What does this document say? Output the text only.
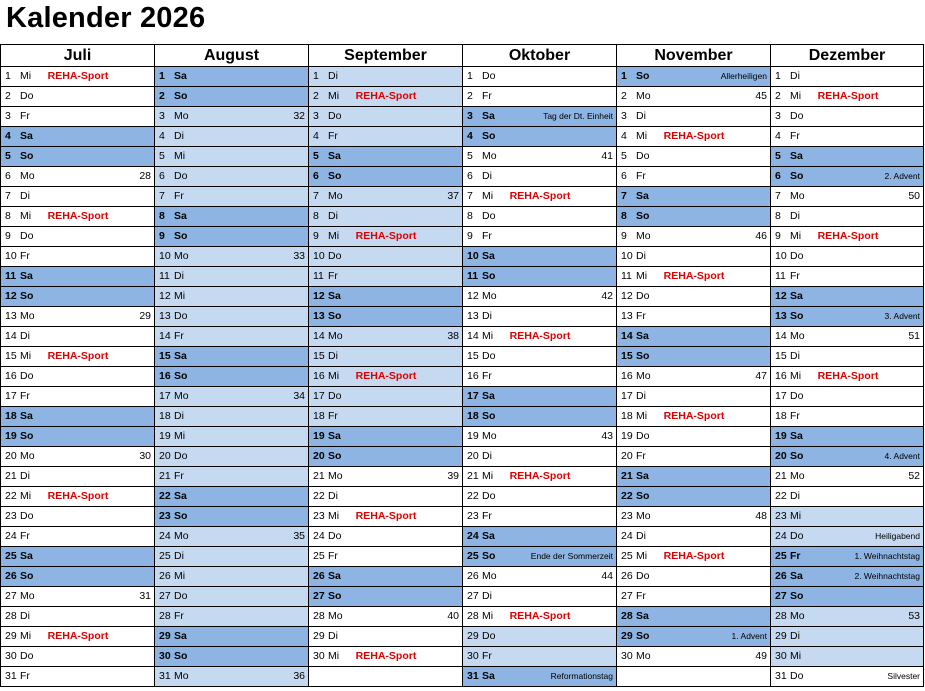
Kalender 2026
Juli
1 Mi	REHA-Sport
2 Do
3 Fr
4 Sa
5 So
6 Mo	28
7 Di
8 Mi	REHA-Sport
9 Do
10 Fr
11 Sa
12 So
13 Mo	29
14 Di
15 Mi	REHA-Sport
16 Do
17 Fr
18 Sa
19 So
20 Mo	30
21 Di
22 Mi	REHA-Sport
23 Do
24 Fr
25 Sa
26 So
27 Mo	31
28 Di
29 Mi	REHA-Sport
30 Do
31 Fr
August
1 Sa
2 So
3 Mo	32
4 Di
5 Mi
6 Do
7 Fr
8 Sa
9 So
10 Mo	33
11 Di
12 Mi
13 Do
14 Fr
15 Sa
16 So
17 Mo	34
18 Di
19 Mi
20 Do
21 Fr
22 Sa
23 So
24 Mo	35
25 Di
26 Mi
27 Do
28 Fr
29 Sa
30 So
31 Mo	36
September
1 Di
2 Mi	REHA-Sport
3 Do
4 Fr
5 Sa
6 So
7 Mo	37
8 Di
9 Mi	REHA-Sport
10 Do
11 Fr
12 Sa
13 So
14 Mo	38
15 Di
16 Mi	REHA-Sport
17 Do
18 Fr
19 Sa
20 So
21 Mo	39
22 Di
23 Mi	REHA-Sport
24 Do
25 Fr
26 Sa
27 So
28 Mo	40
29 Di
30 Mi	REHA-Sport
Oktober
1 Do
2 Fr
3 Sa	Tag der Dt. Einheit
4 So
5 Mo	41
6 Di
7 Mi	REHA-Sport
8 Do
9 Fr
10 Sa
11 So
12 Mo	42
13 Di
14 Mi	REHA-Sport
15 Do
16 Fr
17 Sa
18 So
19 Mo	43
20 Di
21 Mi	REHA-Sport
22 Do
23 Fr
24 Sa
25 So	Ende der Sommerzeit
26 Mo	44
27 Di
28 Mi	REHA-Sport
29 Do
30 Fr
31 Sa	Reformationstag
November
1 So	Allerheiligen
2 Mo	45
3 Di
4 Mi	REHA-Sport
5 Do
6 Fr
7 Sa
8 So
9 Mo	46
10 Di
11 Mi	REHA-Sport
12 Do
13 Fr
14 Sa
15 So
16 Mo	47
17 Di
18 Mi	REHA-Sport
19 Do
20 Fr
21 Sa
22 So
23 Mo	48
24 Di
25 Mi	REHA-Sport
26 Do
27 Fr
28 Sa
29 So	1. Advent
30 Mo	49
Dezember
1 Di
2 Mi	REHA-Sport
3 Do
4 Fr
5 Sa
6 So	2. Advent
7 Mo	50
8 Di
9 Mi	REHA-Sport
10 Do
11 Fr
12 Sa
13 So	3. Advent
14 Mo	51
15 Di
16 Mi	REHA-Sport
17 Do
18 Fr
19 Sa
20 So	4. Advent
21 Mo	52
22 Di
23 Mi
24 Do	Heiligabend
25 Fr	1. Weihnachtstag
26 Sa	2. Weihnachtstag
27 So
28 Mo	53
29 Di
30 Mi
31 Do	Silvester
